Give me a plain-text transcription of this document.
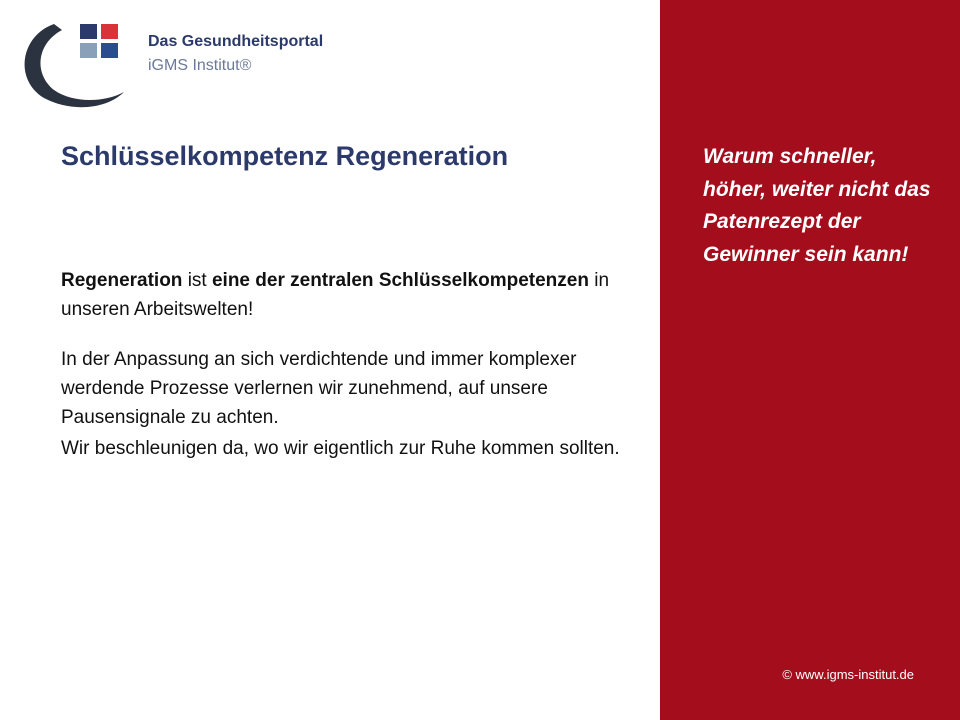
Das Gesundheitsportal
iGMS Institut®
Schlüsselkompetenz Regeneration

Regeneration ist eine der zentralen Schlüsselkompetenzen in unseren Arbeitswelten!

In der Anpassung an sich verdichtende und immer komplexer werdende Prozesse verlernen wir zunehmend, auf unsere Pausensignale zu achten.

Wir beschleunigen da, wo wir eigentlich zur Ruhe kommen sollten.

Warum schneller, höher, weiter nicht das Patenrezept der Gewinner sein kann!
© www.igms-institut.de
